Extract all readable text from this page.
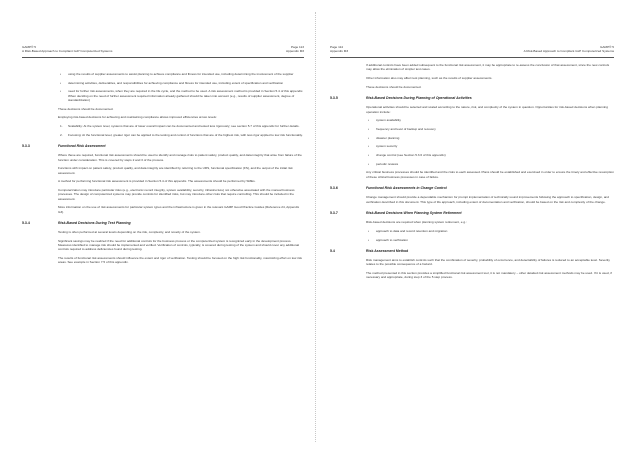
GAMP® 5
A Risk-Based Approach to Compliant GxP Computerized Systems
Page 113
Appendix M3
• using the results of supplier assessments to assist planning to achieve compliance and fitness for intended use, including determining the involvement of the supplier
• determining activities, deliverables, and responsibilities for achieving compliance and fitness for intended use, including extent of specification and verification
• need for further risk assessments, when they are required in the life cycle, and the method to be used. A risk assessment method is provided in Section 5.4 of this appendix. When deciding on the need of further assessment required information already gathered should be taken into account (e.g., results of supplier assessment, degree of standardization)

These decisions should be documented.

Employing risk-based decisions for achieving and maintaining compliance allows improved efficiencies at two levels:

1. Scalability: At the system level, systems that are of lower overall impact can be documented and tested less rigorously; see section 5.7 of this appendix for further details.
2. Focusing: At the functional level, greater rigor can be applied to the testing and control of functions that are of the highest risk, with less rigor applied to low risk functionality.
5.3.3	Functional Risk Assessment

Where these are required, functional risk assessments should be used to identify and manage risks to patient safety, product quality, and data integrity that arise from failure of the function under consideration. This is covered by steps 2 and 3 of the process.

Functions with impact on patient safety, product quality, and data integrity are identified by referring to the URS, functional specification (FS), and the output of the initial risk assessment.

A method for performing functional risk assessment is provided in Section 5.4 of this appendix. The assessments should be performed by SMEs.

Computerization may introduce particular risks (e.g., electronic record integrity, system availability, security, infrastructure) not otherwise associated with the manual business processes. The design of computerized systems may provide controls for identified risks, but may introduce other risks that require controlling. This should be included in the assessment.

More information on the use of risk assessments for particular system types and the infrastructure is given in the relevant GAMP Good Practice Guides (Reference 24, Appendix G3).

5.3.4	Risk-Based Decisions During Test Planning

Testing is often performed at several levels depending on the risk, complexity, and novelty of the system.

Significant savings may be realized if the need for additional controls for the business process or the computerized system is recognized early in the development process. Measures identified to manage risk should be implemented and verified. Verification of controls, typically, is covered during testing of the system and should cover any additional controls required to address deficiencies found during testing.

The results of functional risk assessments should influence the extent and rigor of verification. Testing should be focused on the high risk functionality, maximizing effort on low risk areas. See example in Section 7.5 of this appendix.

Page 114
Appendix M3
GAMP® 5
A Risk-Based Approach to Compliant GxP Computerized Systems

If additional controls have been added subsequent to the functional risk assessment, it may be appropriate to re-assess the conclusion of that assessment, since the new controls may allow the elimination of simpler test cases.

Other information also may affect test planning, such as the results of supplier assessments.

These decisions should be documented.

5.3.5	Risk-Based Decisions During Planning of Operational Activities

Operational activities should be selected and scaled according to the nature, risk, and complexity of the system in question. Opportunities for risk-based decisions when planning operation include:

• system availability
• frequency and level of backup and recovery
• disaster planning
• system security
• change control (see Section 5.3.6 of this appendix)
• periodic reviews

Any critical business processes should be identified and the risks to each assessed. Plans should be established and exercised in order to ensure the timely and effective resumption of these critical business processes in case of failure.

5.3.6	Functional Risk Assessments in Change Control

Change management should provide a dependable mechanism for prompt implementation of technically sound improvements following the approach to specification, design, and verification described in this document. This type of life approach, including extent of documentation and verification, should be based on the risk and complexity of the change.

5.3.7	Risk-Based Decisions When Planning System Retirement

Risk-based decisions are required when planning system retirement, e.g.:

• approach to data and record retention and migration
• approach to verification
5.4	Risk Assessment Method

Risk management aims to establish controls such that the combination of severity, probability of occurrence, and detectability of failures is reduced to an acceptable level. Severity relates to the possible consequence of a hazard.

The method presented in this section provides a simplified functional risk assessment tool, it is not mandatory – other detailed risk assessment methods may be used. If it is used, if necessary and appropriate, during step 3 of the 5 step process.
